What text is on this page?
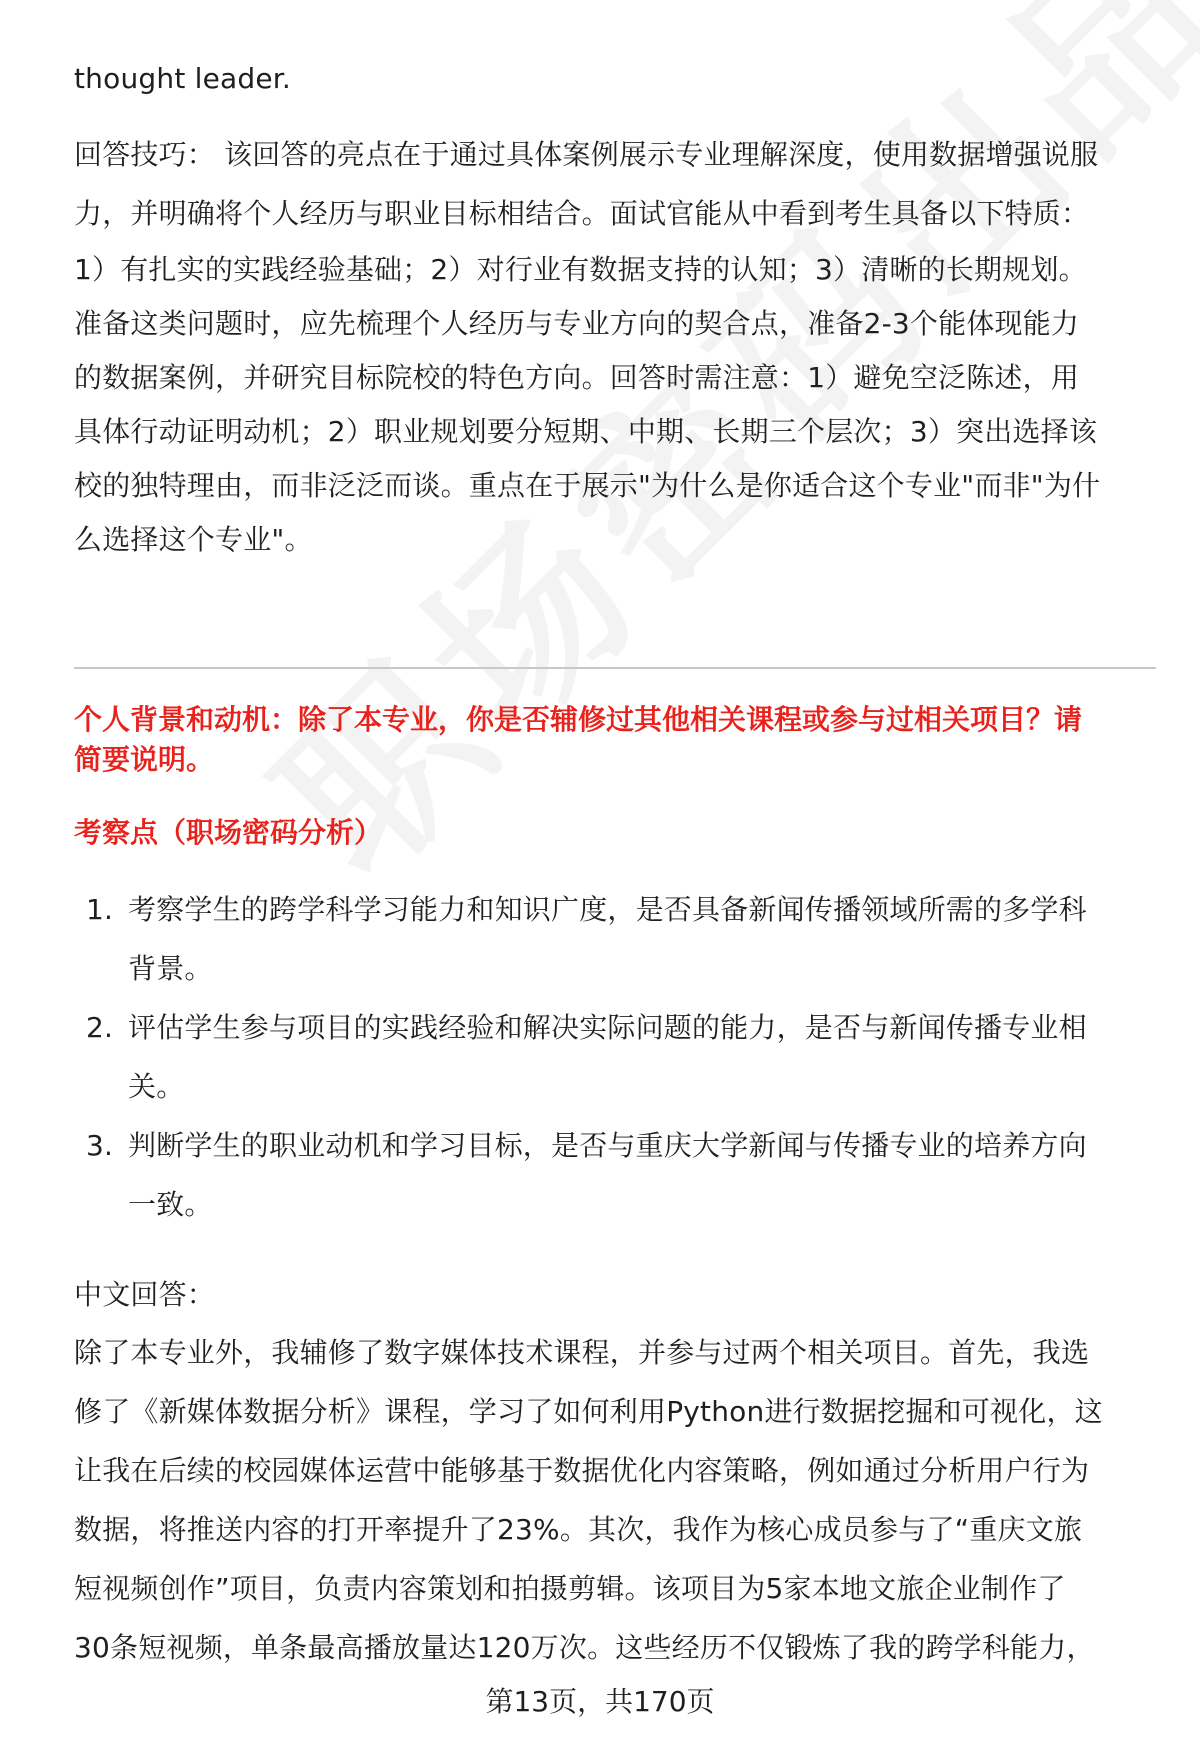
thought leader.
回答技巧： 该回答的亮点在于通过具体案例展示专业理解深度，使用数据增强说服
力，并明确将个人经历与职业目标相结合。面试官能从中看到考生具备以下特质：
1）有扎实的实践经验基础；2）对行业有数据支持的认知；3）清晰的长期规划。
准备这类问题时，应先梳理个人经历与专业方向的契合点，准备2-3个能体现能力
的数据案例，并研究目标院校的特色方向。回答时需注意：1）避免空泛陈述，用
具体行动证明动机；2）职业规划要分短期、中期、长期三个层次；3）突出选择该
校的独特理由，而非泛泛而谈。重点在于展示"为什么是你适合这个专业"而非"为什
么选择这个专业"。
个人背景和动机：除了本专业，你是否辅修过其他相关课程或参与过相关项目？请
简要说明。
考察点（职场密码分析）
1. 考察学生的跨学科学习能力和知识广度，是否具备新闻传播领域所需的多学科
背景。
2. 评估学生参与项目的实践经验和解决实际问题的能力，是否与新闻传播专业相
关。
3. 判断学生的职业动机和学习目标，是否与重庆大学新闻与传播专业的培养方向
一致。
中文回答：
除了本专业外，我辅修了数字媒体技术课程，并参与过两个相关项目。首先，我选
修了《新媒体数据分析》课程，学习了如何利用Python进行数据挖掘和可视化，这
让我在后续的校园媒体运营中能够基于数据优化内容策略，例如通过分析用户行为
数据，将推送内容的打开率提升了23%。其次，我作为核心成员参与了“重庆文旅
短视频创作”项目，负责内容策划和拍摄剪辑。该项目为5家本地文旅企业制作了
30条短视频，单条最高播放量达120万次。这些经历不仅锻炼了我的跨学科能力，
第13页，共170页
